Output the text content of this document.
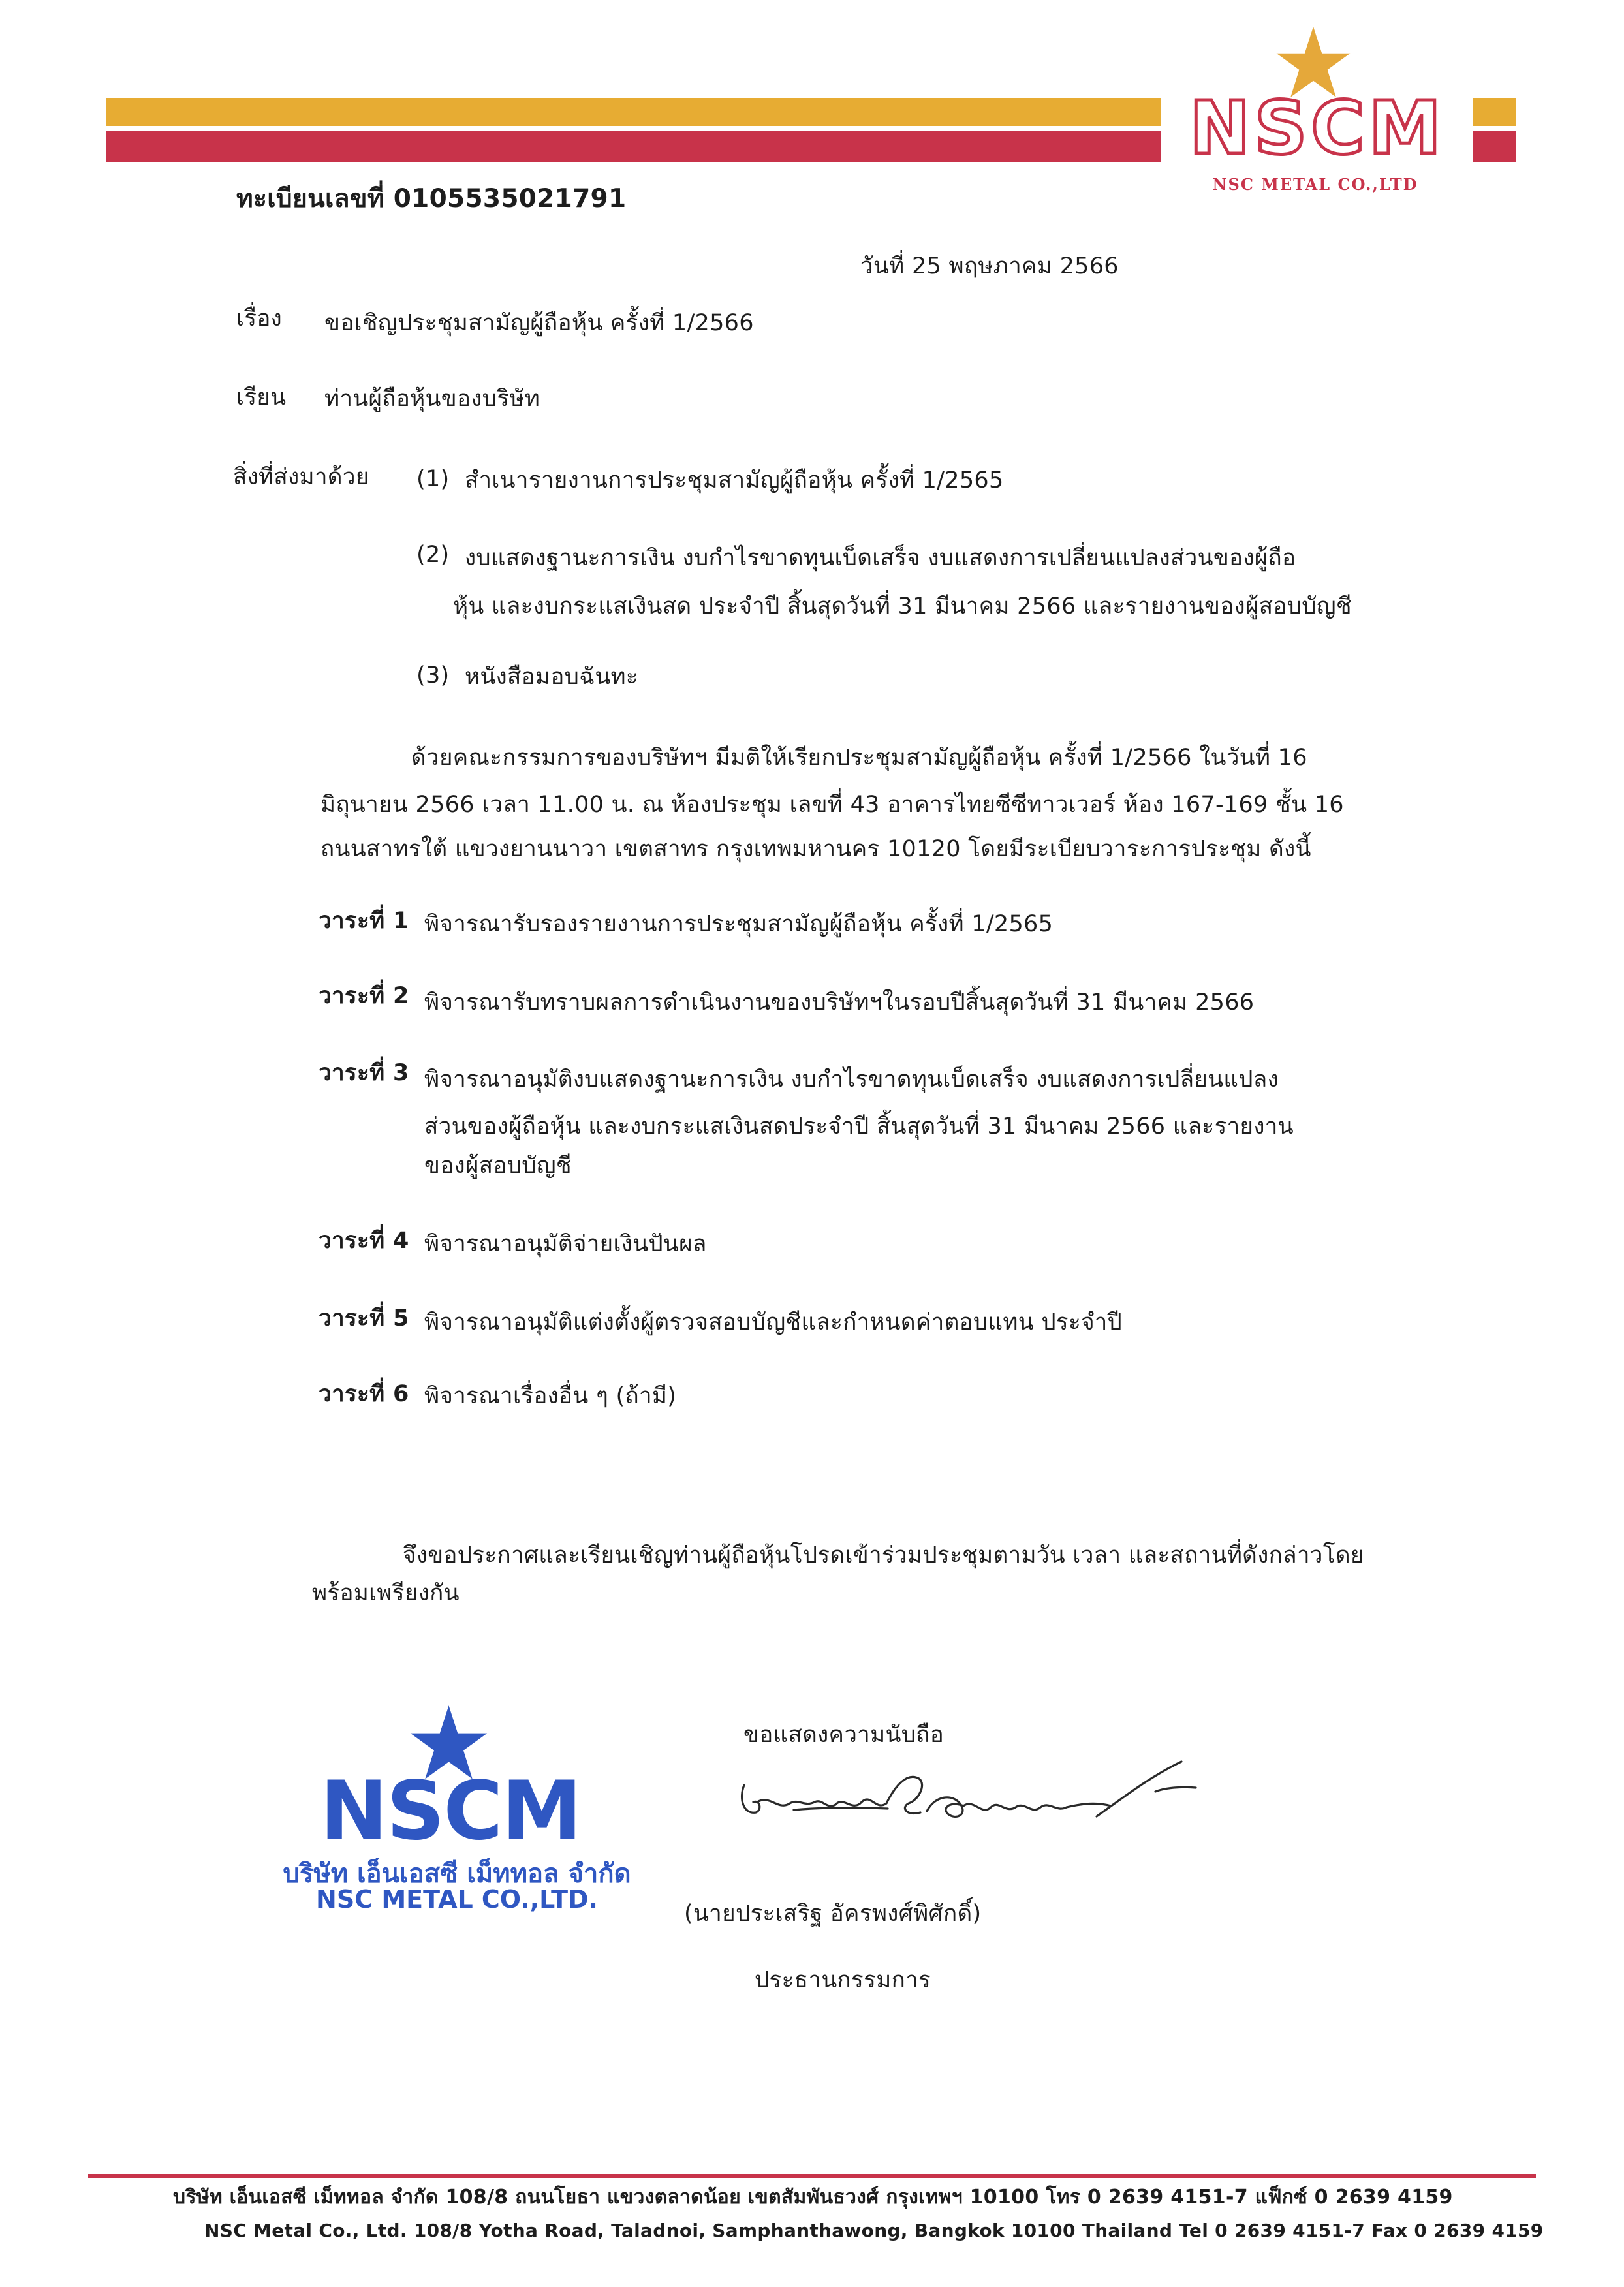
NSCM
NSC METAL CO.,LTD
ทะเบียนเลขที่ 0105535021791
วันที่ 25 พฤษภาคม 2566
เรื่อง ขอเชิญประชุมสามัญผู้ถือหุ้น ครั้งที่ 1/2566
เรียน ท่านผู้ถือหุ้นของบริษัท
สิ่งที่ส่งมาด้วย (1) สำเนารายงานการประชุมสามัญผู้ถือหุ้น ครั้งที่ 1/2565
(2) งบแสดงฐานะการเงิน งบกำไรขาดทุนเบ็ดเสร็จ งบแสดงการเปลี่ยนแปลงส่วนของผู้ถือ
หุ้น และงบกระแสเงินสด ประจำปี สิ้นสุดวันที่ 31 มีนาคม 2566 และรายงานของผู้สอบบัญชี
(3) หนังสือมอบฉันทะ
ด้วยคณะกรรมการของบริษัทฯ มีมติให้เรียกประชุมสามัญผู้ถือหุ้น ครั้งที่ 1/2566 ในวันที่ 16
มิถุนายน 2566 เวลา 11.00 น. ณ ห้องประชุม เลขที่ 43 อาคารไทยซีซีทาวเวอร์ ห้อง 167-169 ชั้น 16
ถนนสาทรใต้ แขวงยานนาวา เขตสาทร กรุงเทพมหานคร 10120 โดยมีระเบียบวาระการประชุม ดังนี้
วาระที่ 1 พิจารณารับรองรายงานการประชุมสามัญผู้ถือหุ้น ครั้งที่ 1/2565
วาระที่ 2 พิจารณารับทราบผลการดำเนินงานของบริษัทฯในรอบปีสิ้นสุดวันที่ 31 มีนาคม 2566
วาระที่ 3 พิจารณาอนุมัติงบแสดงฐานะการเงิน งบกำไรขาดทุนเบ็ดเสร็จ งบแสดงการเปลี่ยนแปลง
ส่วนของผู้ถือหุ้น และงบกระแสเงินสดประจำปี สิ้นสุดวันที่ 31 มีนาคม 2566 และรายงาน
ของผู้สอบบัญชี
วาระที่ 4 พิจารณาอนุมัติจ่ายเงินปันผล
วาระที่ 5 พิจารณาอนุมัติแต่งตั้งผู้ตรวจสอบบัญชีและกำหนดค่าตอบแทน ประจำปี
วาระที่ 6 พิจารณาเรื่องอื่น ๆ (ถ้ามี)
จึงขอประกาศและเรียนเชิญท่านผู้ถือหุ้นโปรดเข้าร่วมประชุมตามวัน เวลา และสถานที่ดังกล่าวโดย
พร้อมเพรียงกัน
ขอแสดงความนับถือ
(นายประเสริฐ อัครพงศ์พิศักดิ์)
ประธานกรรมการ
NSCM
บริษัท เอ็นเอสซี เม็ททอล จำกัด
NSC METAL CO.,LTD.
บริษัท เอ็นเอสซี เม็ททอล จำกัด 108/8 ถนนโยธา แขวงตลาดน้อย เขตสัมพันธวงศ์ กรุงเทพฯ 10100 โทร 0 2639 4151-7 แฟ็กซ์ 0 2639 4159
NSC Metal Co., Ltd. 108/8 Yotha Road, Taladnoi, Samphanthawong, Bangkok 10100 Thailand Tel 0 2639 4151-7 Fax 0 2639 4159
